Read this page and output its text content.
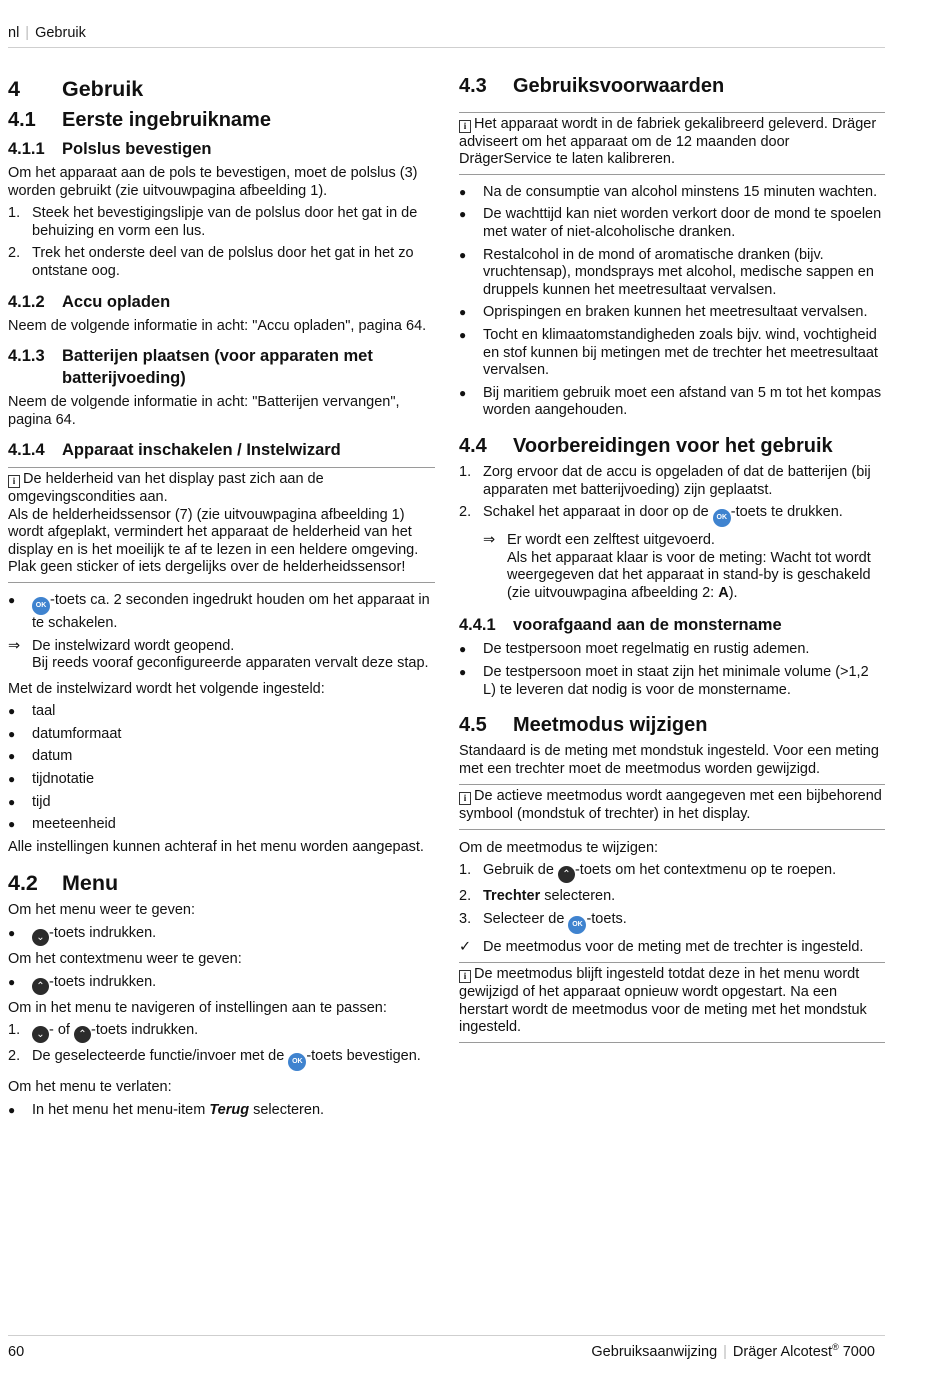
nl | Gebruik
4 Gebruik
4.1 Eerste ingebruikname
4.1.1 Polslus bevestigen

Om het apparaat aan de pols te bevestigen, moet de polslus (3) worden gebruikt (zie uitvouwpagina afbeelding 1).

1. Steek het bevestigingslipje van de polslus door het gat in de behuizing en vorm een lus.
2. Trek het onderste deel van de polslus door het gat in het zo ontstane oog.
4.1.2 Accu opladen

Neem de volgende informatie in acht: "Accu opladen", pagina 64.

4.1.3 Batterijen plaatsen (voor apparaten met batterijvoeding)

Neem de volgende informatie in acht: "Batterijen vervangen", pagina 64.

4.1.4 Apparaat inschakelen / Instelwizard
i De helderheid van het display past zich aan de omgevingscondities aan.
Als de helderheidssensor (7) (zie uitvouwpagina afbeelding 1) wordt afgeplakt, vermindert het apparaat de helderheid van het display en is het moeilijk te af te lezen in een heldere omgeving.
Plak geen sticker of iets dergelijks over de helderheidssensor!
●	OK -toets ca. 2 seconden ingedrukt houden om het apparaat in te schakelen.
⇒ De instelwizard wordt geopend.
Bij reeds vooraf geconfigureerde apparaten vervalt deze stap.

Met de instelwizard wordt het volgende ingesteld:

● taal
● datumformaat
● datum
● tijdnotatie
● tijd
● meeteenheid

Alle instellingen kunnen achteraf in het menu worden aangepast.

4.2 Menu

Om het menu weer te geven:

● ⌄ -toets indrukken.

Om het contextmenu weer te geven:

● ⌃ -toets indrukken.

Om in het menu te navigeren of instellingen aan te passen:

1. ⌄ - of ⌃ -toets indrukken.
2. De geselecteerde functie/invoer met de OK -toets bevestigen.

Om het menu te verlaten:

● In het menu het menu-item Terug selecteren.
4.3 Gebruiksvoorwaarden
i Het apparaat wordt in de fabriek gekalibreerd geleverd. Dräger adviseert om het apparaat om de 12 maanden door DrägerService te laten kalibreren.
● Na de consumptie van alcohol minstens 15 minuten wachten.
● De wachttijd kan niet worden verkort door de mond te spoelen met water of niet-alcoholische dranken.
● Restalcohol in de mond of aromatische dranken (bijv. vruchtensap), mondsprays met alcohol, medische sappen en druppels kunnen het meetresultaat vervalsen.
● Oprispingen en braken kunnen het meetresultaat vervalsen.
● Tocht en klimaatomstandigheden zoals bijv. wind, vochtigheid en stof kunnen bij metingen met de trechter het meetresultaat vervalsen.
● Bij maritiem gebruik moet een afstand van 5 m tot het kompas worden aangehouden.
4.4 Voorbereidingen voor het gebruik
1. Zorg ervoor dat de accu is opgeladen of dat de batterijen (bij apparaten met batterijvoeding) zijn geplaatst.
2. Schakel het apparaat in door op de OK -toets te drukken.
⇒ Er wordt een zelftest uitgevoerd.
Als het apparaat klaar is voor de meting: Wacht tot wordt weergegeven dat het apparaat in stand-by is geschakeld (zie uitvouwpagina afbeelding 2: A).
4.4.1 voorafgaand aan de monstername
● De testpersoon moet regelmatig en rustig ademen.
● De testpersoon moet in staat zijn het minimale volume (>1,2 L) te leveren dat nodig is voor de monstername.
4.5 Meetmodus wijzigen

Standaard is de meting met mondstuk ingesteld. Voor een meting met een trechter moet de meetmodus worden gewijzigd.

i De actieve meetmodus wordt aangegeven met een bijbehorend symbool (mondstuk of trechter) in het display.

Om de meetmodus te wijzigen:

1. Gebruik de ⌃ -toets om het contextmenu op te roepen.
2. Trechter selecteren.
3. Selecteer de OK -toets.
✓ De meetmodus voor de meting met de trechter is ingesteld.
i De meetmodus blijft ingesteld totdat deze in het menu wordt gewijzigd of het apparaat opnieuw wordt opgestart. Na een herstart wordt de meetmodus voor de meting met het mondstuk ingesteld.
60	Gebruiksaanwijzing | Dräger Alcotest® 7000
